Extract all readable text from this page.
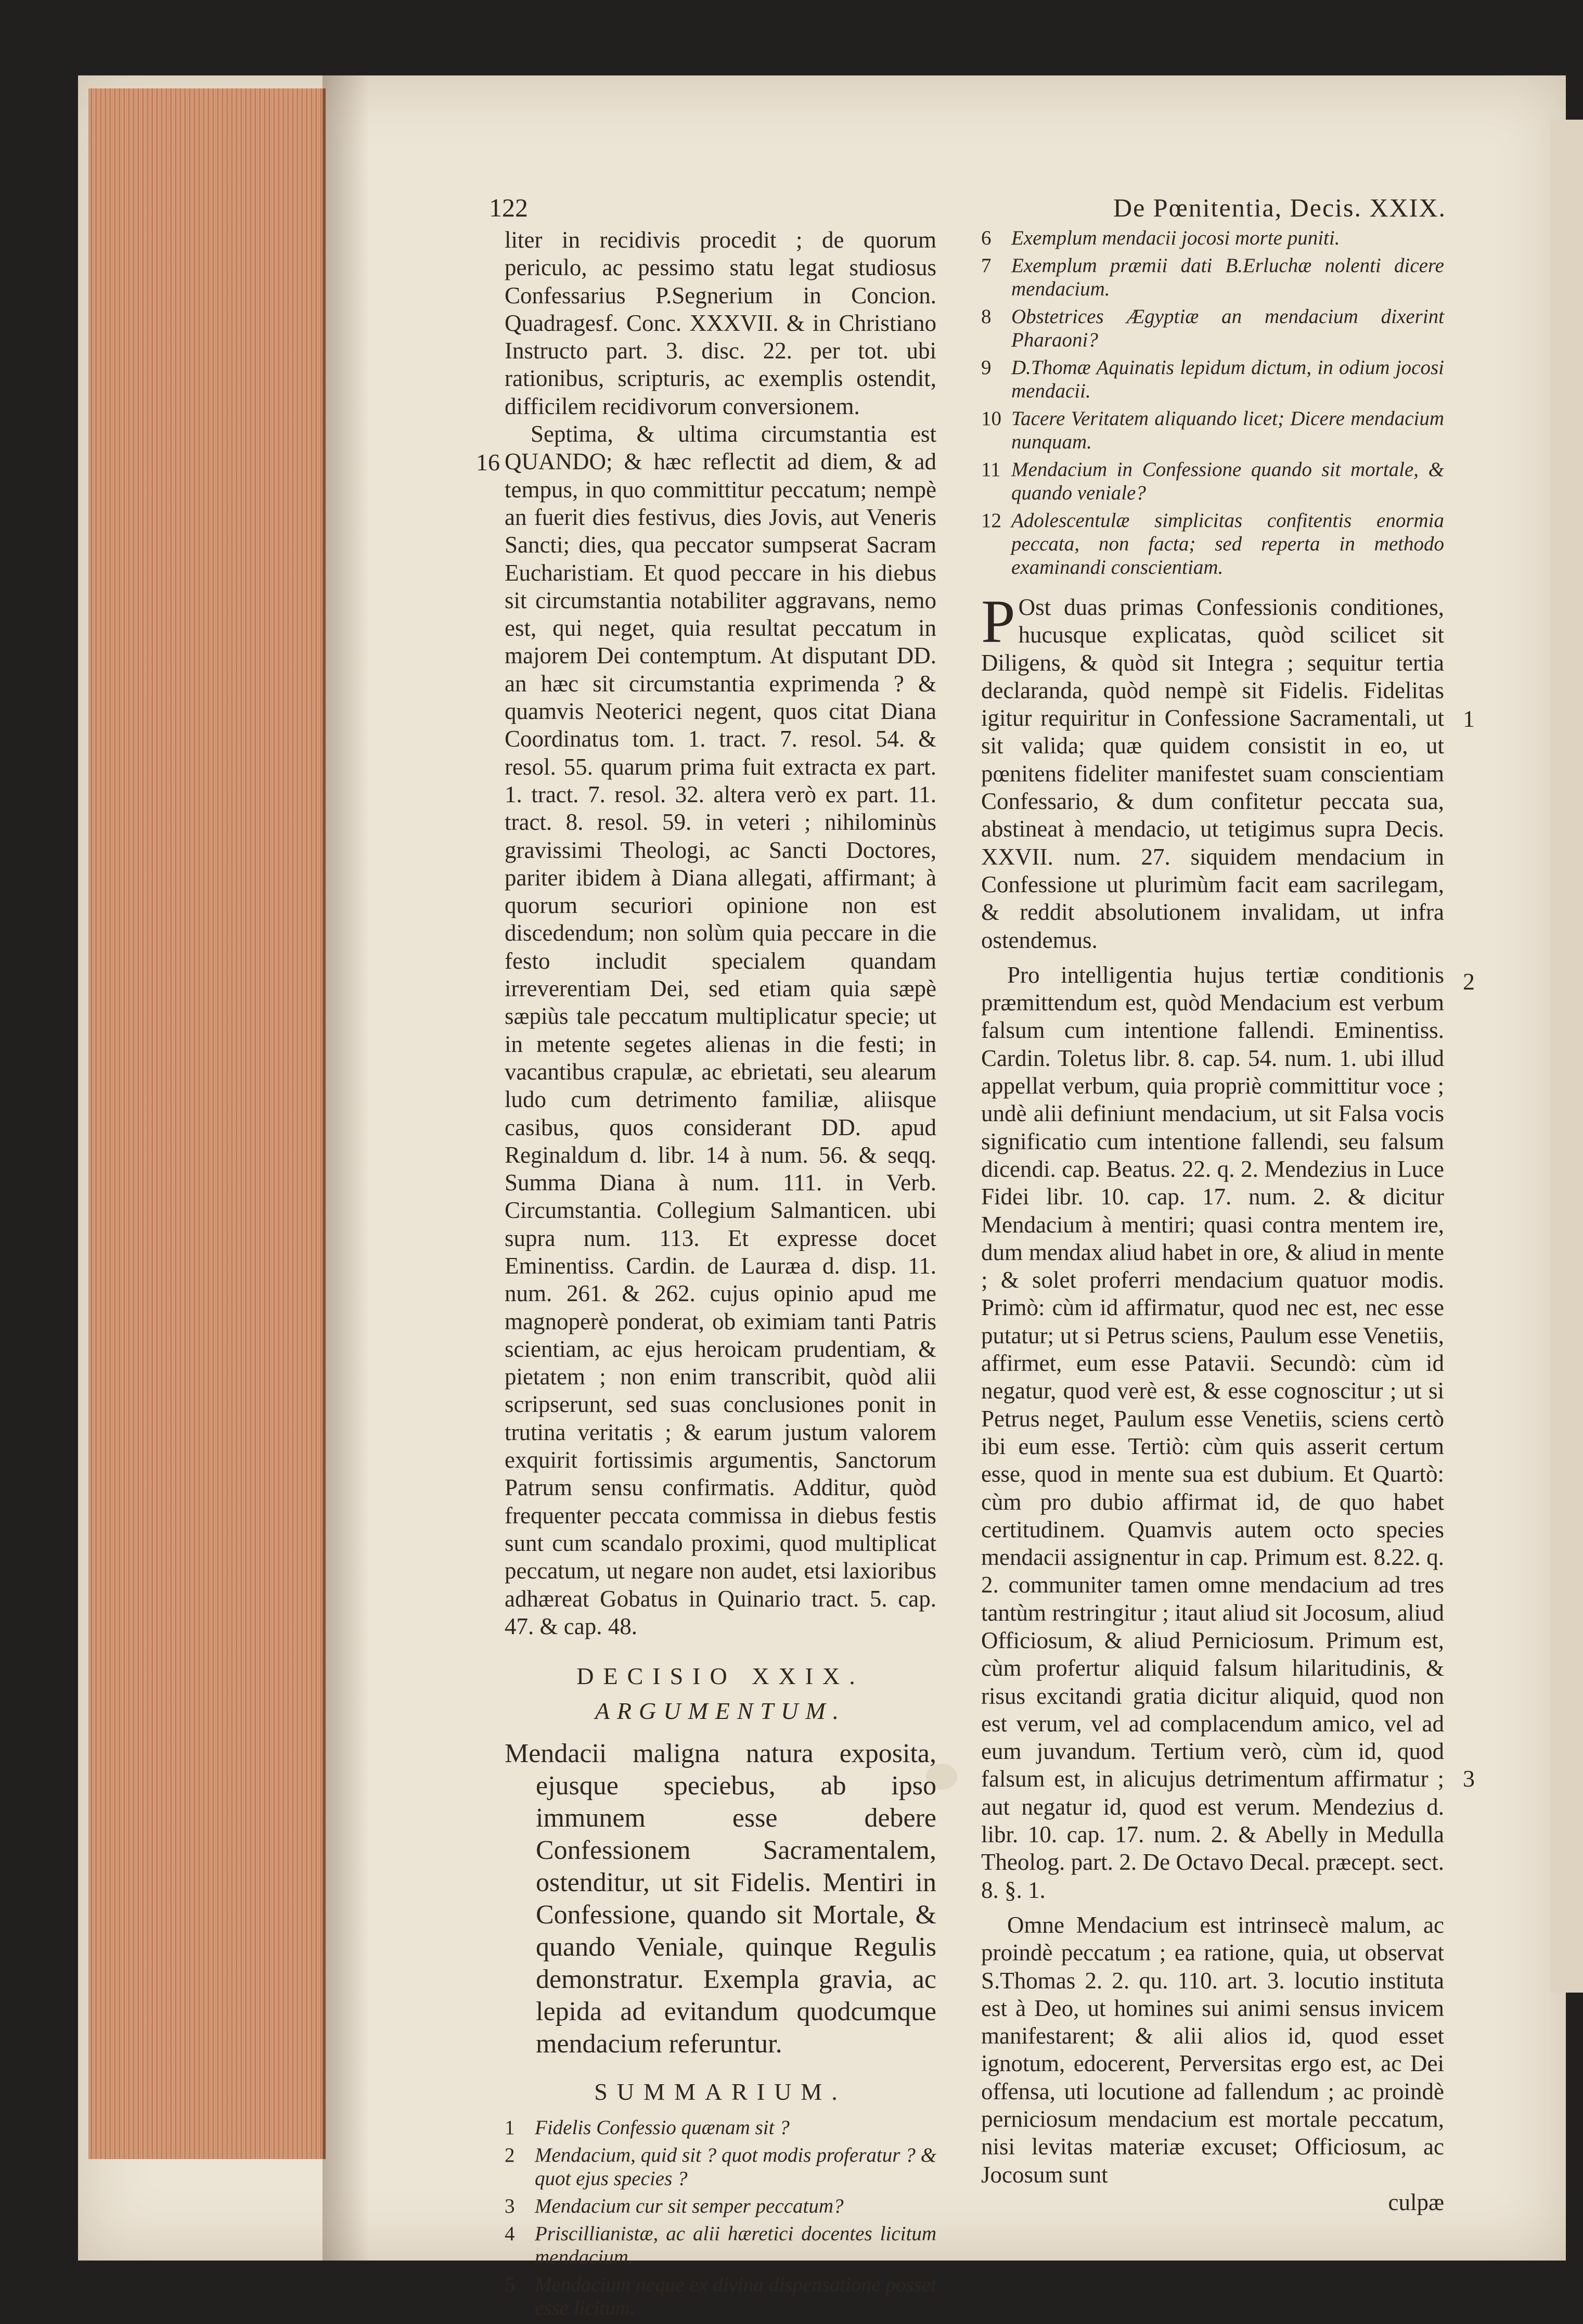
122	De Pœnitentia, Decis. XXIX.

liter in recidivis procedit ; de quorum periculo, ac pessimo statu legat studiosus Confessarius P.Segnerium in Concion. Quadragesf. Conc. XXXVII. & in Christiano Instructo part. 3. disc. 22. per tot. ubi rationibus, scripturis, ac exemplis ostendit, difficilem recidivorum conversionem.

Septima, & ultima circumstantia est QUANDO; & hæc reflectit ad diem, & ad tempus, in quo committitur peccatum; nempè an fuerit dies festivus, dies Jovis, aut Veneris Sancti; dies, qua peccator sumpserat Sacram Eucharistiam. Et quod peccare in his diebus sit circumstantia notabiliter aggravans, nemo est, qui neget, quia resultat peccatum in majorem Dei contemptum. At disputant DD. an hæc sit circumstantia exprimenda ? & quamvis Neoterici negent, quos citat Diana Coordinatus tom. 1. tract. 7. resol. 54. & resol. 55. quarum prima fuit extracta ex part. 1. tract. 7. resol. 32. altera verò ex part. 11. tract. 8. resol. 59. in veteri ; nihilominùs gravissimi Theologi, ac Sancti Doctores, pariter ibidem à Diana allegati, affirmant; à quorum securiori opinione non est discedendum; non solùm quia peccare in die festo includit specialem quandam irreverentiam Dei, sed etiam quia sæpè sæpiùs tale peccatum multiplicatur specie; ut in metente segetes alienas in die festi; in vacantibus crapulæ, ac ebrietati, seu alearum ludo cum detrimento familiæ, aliisque casibus, quos considerant DD. apud Reginaldum d. libr. 14 à num. 56. & seqq. Summa Diana à num. 111. in Verb. Circumstantia. Collegium Salmanticen. ubi supra num. 113. Et expresse docet Eminentiss. Cardin. de Lauræa d. disp. 11. num. 261. & 262. cujus opinio apud me magnoperè ponderat, ob eximiam tanti Patris scientiam, ac ejus heroicam prudentiam, & pietatem ; non enim transcribit, quòd alii scripserunt, sed suas conclusiones ponit in trutina veritatis ; & earum justum valorem exquirit fortissimis argumentis, Sanctorum Patrum sensu confirmatis. Additur, quòd frequenter peccata commissa in diebus festis sunt cum scandalo proximi, quod multiplicat peccatum, ut negare non audet, etsi laxioribus adhæreat Gobatus in Quinario tract. 5. cap. 47. & cap. 48.

DECISIO XXIX.

ARGUMENTUM.

Mendacii maligna natura exposita, ejusque speciebus, ab ipso immunem esse debere Confessionem Sacramentalem, ostenditur, ut sit Fidelis. Mentiri in Confessione, quando sit Mortale, & quando Veniale, quinque Regulis demonstratur. Exempla gravia, ac lepida ad evitandum quodcumque mendacium referuntur.

SUMMARIUM.

1 Fidelis Confessio quænam sit ?
2 Mendacium, quid sit ? quot modis proferatur ? & quot ejus species ?
3 Mendacium cur sit semper peccatum?
4 Priscillianistæ, ac alii hæretici docentes licitum mendacium.
5 Mendacium neque ex divina dispensatione posset esse licitum.
16
6 Exemplum mendacii jocosi morte puniti.
7 Exemplum præmii dati B.Erluchæ nolenti dicere mendacium.
8 Obstetrices Ægyptiæ an mendacium dixerint Pharaoni?
9 D.Thomæ Aquinatis lepidum dictum, in odium jocosi mendacii.
10 Tacere Veritatem aliquando licet; Dicere mendacium nunquam.
11 Mendacium in Confessione quando sit mortale, & quando veniale?
12 Adolescentulæ simplicitas confitentis enormia peccata, non facta; sed reperta in methodo examinandi conscientiam.

P Ost duas primas Confessionis conditiones, hucusque explicatas, quòd scilicet sit Diligens, & quòd sit Integra ; sequitur tertia declaranda, quòd nempè sit Fidelis. Fidelitas igitur requiritur in Confessione Sacramentali, ut sit valida; quæ quidem consistit in eo, ut pœnitens fideliter manifestet suam conscientiam Confessario, & dum confitetur peccata sua, abstineat à mendacio, ut tetigimus supra Decis. XXVII. num. 27. siquidem mendacium in Confessione ut plurimùm facit eam sacrilegam, & reddit absolutionem invalidam, ut infra ostendemus.

Pro intelligentia hujus tertiæ conditionis præmittendum est, quòd Mendacium est verbum falsum cum intentione fallendi. Eminentiss. Cardin. Toletus libr. 8. cap. 54. num. 1. ubi illud appellat verbum, quia propriè committitur voce ; undè alii definiunt mendacium, ut sit Falsa vocis significatio cum intentione fallendi, seu falsum dicendi. cap. Beatus. 22. q. 2. Mendezius in Luce Fidei libr. 10. cap. 17. num. 2. & dicitur Mendacium à mentiri; quasi contra mentem ire, dum mendax aliud habet in ore, & aliud in mente ; & solet proferri mendacium quatuor modis. Primò: cùm id affirmatur, quod nec est, nec esse putatur; ut si Petrus sciens, Paulum esse Venetiis, affirmet, eum esse Patavii. Secundò: cùm id negatur, quod verè est, & esse cognoscitur ; ut si Petrus neget, Paulum esse Venetiis, sciens certò ibi eum esse. Tertiò: cùm quis asserit certum esse, quod in mente sua est dubium. Et Quartò: cùm pro dubio affirmat id, de quo habet certitudinem. Quamvis autem octo species mendacii assignentur in cap. Primum est. 8.22. q. 2. communiter tamen omne mendacium ad tres tantùm restringitur ; itaut aliud sit Jocosum, aliud Officiosum, & aliud Perniciosum. Primum est, cùm profertur aliquid falsum hilaritudinis, & risus excitandi gratia dicitur aliquid, quod non est verum, vel ad complacendum amico, vel ad eum juvandum. Tertium verò, cùm id, quod falsum est, in alicujus detrimentum affirmatur ; aut negatur id, quod est verum. Mendezius d. libr. 10. cap. 17. num. 2. & Abelly in Medulla Theolog. part. 2. De Octavo Decal. præcept. sect. 8. §. 1.

Omne Mendacium est intrinsecè malum, ac proindè peccatum ; ea ratione, quia, ut observat S.Thomas 2. 2. qu. 110. art. 3. locutio instituta est à Deo, ut homines sui animi sensus invicem manifestarent; & alii alios id, quod esset ignotum, edocerent, Perversitas ergo est, ac Dei offensa, uti locutione ad fallendum ; ac proindè perniciosum mendacium est mortale peccatum, nisi levitas materiæ excuset; Officiosum, ac Jocosum sunt

culpæ

1
2
3
